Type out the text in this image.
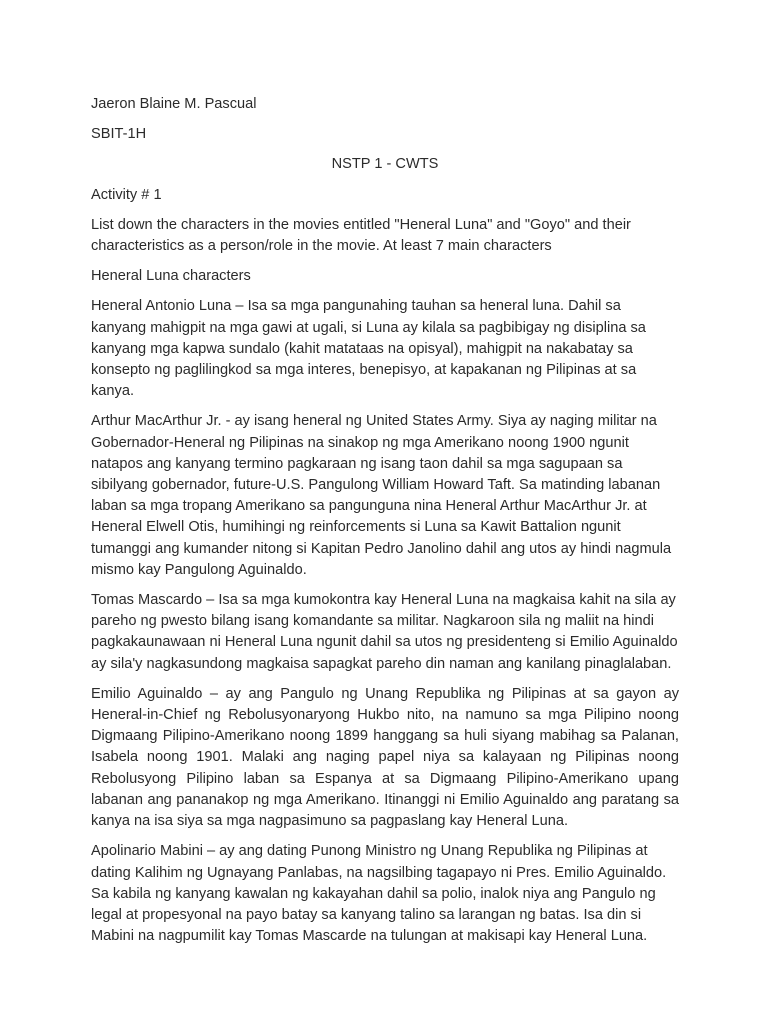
Jaeron Blaine M. Pascual
SBIT-1H
NSTP 1 - CWTS
Activity # 1

List down the characters in the movies entitled "Heneral Luna" and "Goyo" and their characteristics as a person/role in the movie. At least 7 main characters

Heneral Luna characters

Heneral Antonio Luna – Isa sa mga pangunahing tauhan sa heneral luna. Dahil sa kanyang mahigpit na mga gawi at ugali, si Luna ay kilala sa pagbibigay ng disiplina sa kanyang mga kapwa sundalo (kahit matataas na opisyal), mahigpit na nakabatay sa konsepto ng paglilingkod sa mga interes, benepisyo, at kapakanan ng Pilipinas at sa kanya.

Arthur MacArthur Jr. - ay isang heneral ng United States Army. Siya ay naging militar na Gobernador-Heneral ng Pilipinas na sinakop ng mga Amerikano noong 1900 ngunit natapos ang kanyang termino pagkaraan ng isang taon dahil sa mga sagupaan sa sibilyang gobernador, future-U.S. Pangulong William Howard Taft. Sa matinding labanan laban sa mga tropang Amerikano sa pangunguna nina Heneral Arthur MacArthur Jr. at Heneral Elwell Otis, humihingi ng reinforcements si Luna sa Kawit Battalion ngunit tumanggi ang kumander nitong si Kapitan Pedro Janolino dahil ang utos ay hindi nagmula mismo kay Pangulong Aguinaldo.

Tomas Mascardo – Isa sa mga kumokontra kay Heneral Luna na magkaisa kahit na sila ay pareho ng pwesto bilang isang komandante sa militar. Nagkaroon sila ng maliit na hindi pagkakaunawaan ni Heneral Luna ngunit dahil sa utos ng presidenteng si Emilio Aguinaldo ay sila'y nagkasundong magkaisa sapagkat pareho din naman ang kanilang pinaglalaban.

Emilio Aguinaldo – ay ang Pangulo ng Unang Republika ng Pilipinas at sa gayon ay Heneral-in-Chief ng Rebolusyonaryong Hukbo nito, na namuno sa mga Pilipino noong Digmaang Pilipino-Amerikano noong 1899 hanggang sa huli siyang mabihag sa Palanan, Isabela noong 1901. Malaki ang naging papel niya sa kalayaan ng Pilipinas noong Rebolusyong Pilipino laban sa Espanya at sa Digmaang Pilipino-Amerikano upang labanan ang pananakop ng mga Amerikano. Itinanggi ni Emilio Aguinaldo ang paratang sa kanya na isa siya sa mga nagpasimuno sa pagpaslang kay Heneral Luna.

Apolinario Mabini – ay ang dating Punong Ministro ng Unang Republika ng Pilipinas at dating Kalihim ng Ugnayang Panlabas, na nagsilbing tagapayo ni Pres. Emilio Aguinaldo. Sa kabila ng kanyang kawalan ng kakayahan dahil sa polio, inalok niya ang Pangulo ng legal at propesyonal na payo batay sa kanyang talino sa larangan ng batas. Isa din si Mabini na nagpumilit kay Tomas Mascarde na tulungan at makisapi kay Heneral Luna.
